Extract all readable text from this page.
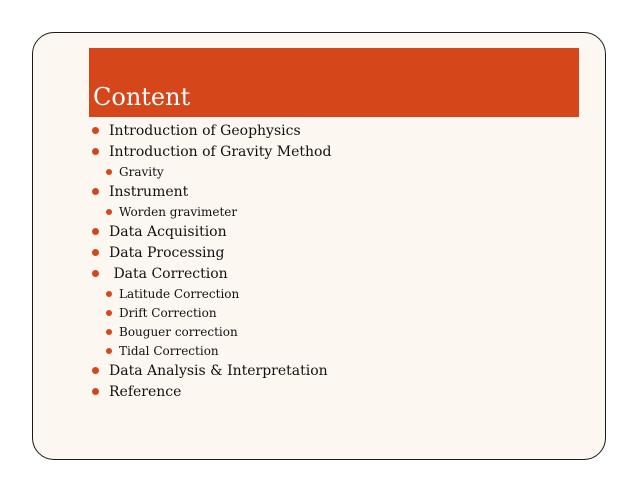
Content
Introduction of Geophysics
Introduction of Gravity Method
Gravity
Instrument
Worden gravimeter
Data Acquisition
Data Processing
Data Correction
Latitude Correction
Drift Correction
Bouguer correction
Tidal Correction
Data Analysis & Interpretation
Reference
